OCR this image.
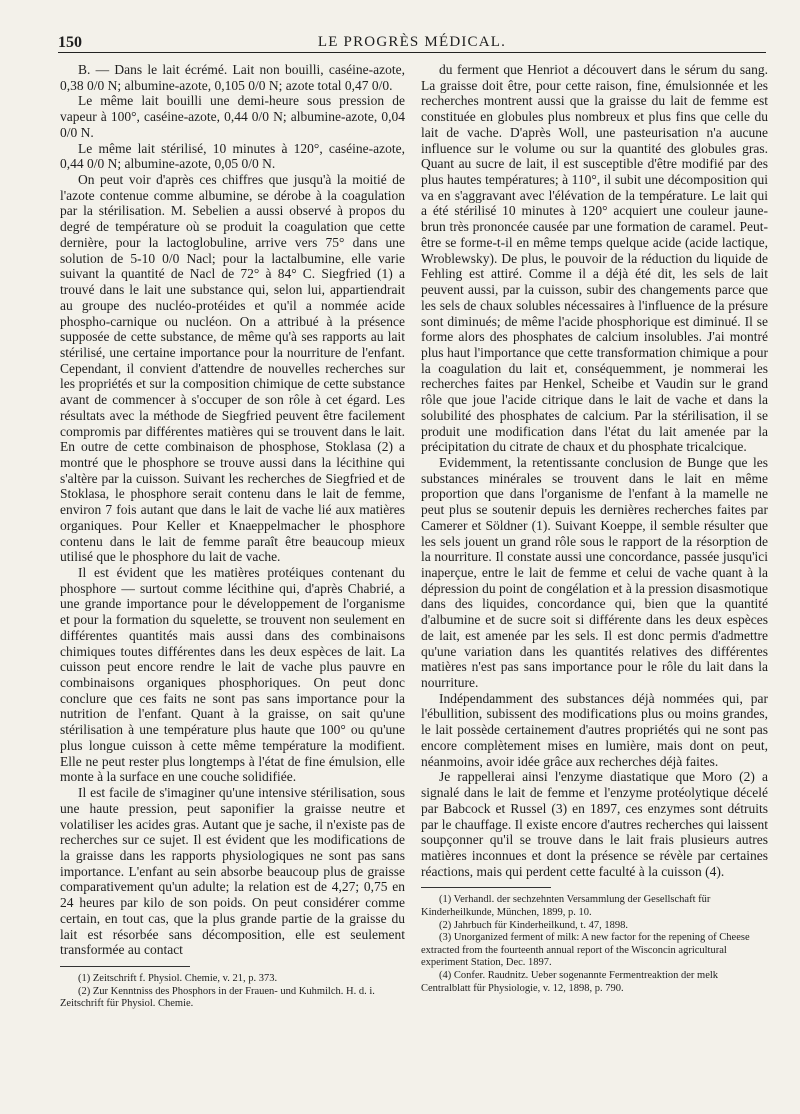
150	LE PROGRÈS MÉDICAL.

B. — Dans le lait écrémé. Lait non bouilli, caséine-azote, 0,38 0/0 N; albumine-azote, 0,105 0/0 N; azote total 0,47 0/0.

Le même lait bouilli une demi-heure sous pression de vapeur à 100°, caséine-azote, 0,44 0/0 N; albumine-azote, 0,04 0/0 N.

Le même lait stérilisé, 10 minutes à 120°, caséine-azote, 0,44 0/0 N; albumine-azote, 0,05 0/0 N.

On peut voir d'après ces chiffres que jusqu'à la moitié de l'azote contenue comme albumine, se dérobe à la coagulation par la stérilisation. M. Sebelien a aussi observé à propos du degré de température où se produit la coagulation que cette dernière, pour la lactoglobuline, arrive vers 75° dans une solution de 5-10 0/0 Nacl; pour la lactalbumine, elle varie suivant la quantité de Nacl de 72° à 84° C. Siegfried (1) a trouvé dans le lait une substance qui, selon lui, appartiendrait au groupe des nucléo-protéides et qu'il a nommée acide phospho-carnique ou nucléon. On a attribué à la présence supposée de cette substance, de même qu'à ses rapports au lait stérilisé, une certaine importance pour la nourriture de l'enfant. Cependant, il convient d'attendre de nouvelles recherches sur les propriétés et sur la composition chimique de cette substance avant de commencer à s'occuper de son rôle à cet égard. Les résultats avec la méthode de Siegfried peuvent être facilement compromis par différentes matières qui se trouvent dans le lait. En outre de cette combinaison de phosphose, Stoklasa (2) a montré que le phosphore se trouve aussi dans la lécithine qui s'altère par la cuisson. Suivant les recherches de Siegfried et de Stoklasa, le phosphore serait contenu dans le lait de femme, environ 7 fois autant que dans le lait de vache lié aux matières organiques. Pour Keller et Knaeppelmacher le phosphore contenu dans le lait de femme paraît être beaucoup mieux utilisé que le phosphore du lait de vache.

Il est évident que les matières protéiques contenant du phosphore — surtout comme lécithine qui, d'après Chabrié, a une grande importance pour le développement de l'organisme et pour la formation du squelette, se trouvent non seulement en différentes quantités mais aussi dans des combinaisons chimiques toutes différentes dans les deux espèces de lait. La cuisson peut encore rendre le lait de vache plus pauvre en combinaisons organiques phosphoriques. On peut donc conclure que ces faits ne sont pas sans importance pour la nutrition de l'enfant. Quant à la graisse, on sait qu'une stérilisation à une température plus haute que 100° ou qu'une plus longue cuisson à cette même température la modifient. Elle ne peut rester plus longtemps à l'état de fine émulsion, elle monte à la surface en une couche solidifiée.

Il est facile de s'imaginer qu'une intensive stérilisation, sous une haute pression, peut saponifier la graisse neutre et volatiliser les acides gras. Autant que je sache, il n'existe pas de recherches sur ce sujet. Il est évident que les modifications de la graisse dans les rapports physiologiques ne sont pas sans importance. L'enfant au sein absorbe beaucoup plus de graisse comparativement qu'un adulte; la relation est de 4,27; 0,75 en 24 heures par kilo de son poids. On peut considérer comme certain, en tout cas, que la plus grande partie de la graisse du lait est résorbée sans décomposition, elle est seulement transformée au contact

(1) Zeitschrift f. Physiol. Chemie, v. 21, p. 373.

(2) Zur Kenntniss des Phosphors in der Frauen- und Kuhmilch. H. d. i. Zeitschrift für Physiol. Chemie.

du ferment que Henriot a découvert dans le sérum du sang. La graisse doit être, pour cette raison, fine, émulsionnée et les recherches montrent aussi que la graisse du lait de femme est constituée en globules plus nombreux et plus fins que celle du lait de vache. D'après Woll, une pasteurisation n'a aucune influence sur le volume ou sur la quantité des globules gras. Quant au sucre de lait, il est susceptible d'être modifié par des plus hautes températures; à 110°, il subit une décomposition qui va en s'aggravant avec l'élévation de la température. Le lait qui a été stérilisé 10 minutes à 120° acquiert une couleur jaune-brun très prononcée causée par une formation de caramel. Peut-être se forme-t-il en même temps quelque acide (acide lactique, Wroblewsky). De plus, le pouvoir de la réduction du liquide de Fehling est attiré. Comme il a déjà été dit, les sels de lait peuvent aussi, par la cuisson, subir des changements parce que les sels de chaux solubles nécessaires à l'influence de la présure sont diminués; de même l'acide phosphorique est diminué. Il se forme alors des phosphates de calcium insolubles. J'ai montré plus haut l'importance que cette transformation chimique a pour la coagulation du lait et, conséquemment, je nommerai les recherches faites par Henkel, Scheibe et Vaudin sur le grand rôle que joue l'acide citrique dans le lait de vache et dans la solubilité des phosphates de calcium. Par la stérilisation, il se produit une modification dans l'état du lait amenée par la précipitation du citrate de chaux et du phosphate tricalcique.

Evidemment, la retentissante conclusion de Bunge que les substances minérales se trouvent dans le lait en même proportion que dans l'organisme de l'enfant à la mamelle ne peut plus se soutenir depuis les dernières recherches faites par Camerer et Söldner (1). Suivant Koeppe, il semble résulter que les sels jouent un grand rôle sous le rapport de la résorption de la nourriture. Il constate aussi une concordance, passée jusqu'ici inaperçue, entre le lait de femme et celui de vache quant à la dépression du point de congélation et à la pression disasmotique dans des liquides, concordance qui, bien que la quantité d'albumine et de sucre soit si différente dans les deux espèces de lait, est amenée par les sels. Il est donc permis d'admettre qu'une variation dans les quantités relatives des différentes matières n'est pas sans importance pour le rôle du lait dans la nourriture.

Indépendamment des substances déjà nommées qui, par l'ébullition, subissent des modifications plus ou moins grandes, le lait possède certainement d'autres propriétés qui ne sont pas encore complètement mises en lumière, mais dont on peut, néanmoins, avoir idée grâce aux recherches déjà faites.

Je rappellerai ainsi l'enzyme diastatique que Moro (2) a signalé dans le lait de femme et l'enzyme protéolytique décelé par Babcock et Russel (3) en 1897, ces enzymes sont détruits par le chauffage. Il existe encore d'autres recherches qui laissent soupçonner qu'il se trouve dans le lait frais plusieurs autres matières inconnues et dont la présence se révèle par certaines réactions, mais qui perdent cette faculté à la cuisson (4).

(1) Verhandl. der sechzehnten Versammlung der Gesellschaft für Kinderheilkunde, München, 1899, p. 10.

(2) Jahrbuch für Kinderheilkund, t. 47, 1898.

(3) Unorganized ferment of milk: A new factor for the repening of Cheese extracted from the fourteenth annual report of the Wisconcin agricultural experiment Station, Dec. 1897.

(4) Confer. Raudnitz. Ueber sogenannte Fermentreaktion der melk Centralblatt für Physiologie, v. 12, 1898, p. 790.
